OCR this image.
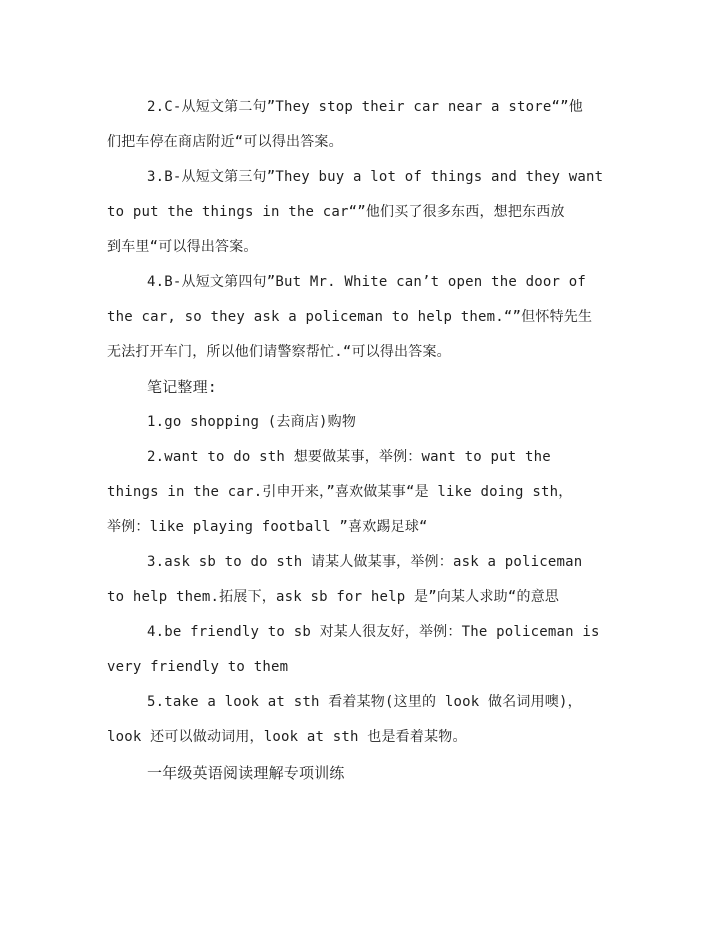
2.C-从短文第二句”They stop their car near a store“”他
们把车停在商店附近“可以得出答案。
3.B-从短文第三句”They buy a lot of things and they want
to put the things in the car“”他们买了很多东西，想把东西放
到车里“可以得出答案。
4.B-从短文第四句”But Mr. White can’t open the door of
the car, so they ask a policeman to help them.“”但怀特先生
无法打开车门，所以他们请警察帮忙.“可以得出答案。
笔记整理:
1.go shopping (去商店)购物
2.want to do sth 想要做某事，举例：want to put the
things in the car.引申开来，”喜欢做某事“是 like doing sth，
举例：like playing football ”喜欢踢足球“
3.ask sb to do sth 请某人做某事，举例：ask a policeman
to help them.拓展下，ask sb for help 是”向某人求助“的意思
4.be friendly to sb 对某人很友好，举例：The policeman is
very friendly to them
5.take a look at sth 看着某物(这里的 look 做名词用噢)，
look 还可以做动词用，look at sth 也是看着某物。
一年级英语阅读理解专项训练
